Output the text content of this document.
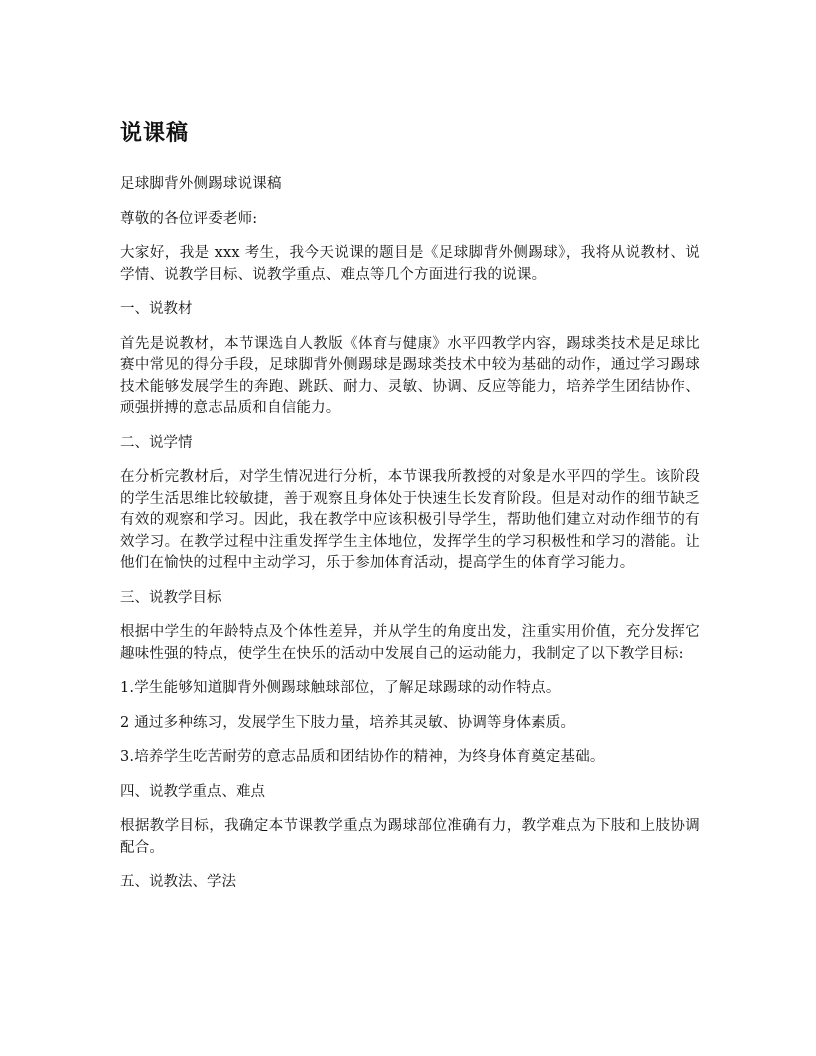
说课稿

足球脚背外侧踢球说课稿

尊敬的各位评委老师:

大家好，我是 xxx 考生，我今天说课的题目是《足球脚背外侧踢球》，我将从说教材、说学情、说教学目标、说教学重点、难点等几个方面进行我的说课。

一、说教材

首先是说教材，本节课选自人教版《体育与健康》水平四教学内容，踢球类技术是足球比赛中常见的得分手段，足球脚背外侧踢球是踢球类技术中较为基础的动作，通过学习踢球技术能够发展学生的奔跑、跳跃、耐力、灵敏、协调、反应等能力，培养学生团结协作、顽强拼搏的意志品质和自信能力。

二、说学情

在分析完教材后，对学生情况进行分析，本节课我所教授的对象是水平四的学生。该阶段的学生活思维比较敏捷，善于观察且身体处于快速生长发育阶段。但是对动作的细节缺乏有效的观察和学习。因此，我在教学中应该积极引导学生，帮助他们建立对动作细节的有效学习。在教学过程中注重发挥学生主体地位，发挥学生的学习积极性和学习的潜能。让他们在愉快的过程中主动学习，乐于参加体育活动，提高学生的体育学习能力。

三、说教学目标

根据中学生的年龄特点及个体性差异，并从学生的角度出发，注重实用价值，充分发挥它趣味性强的特点，使学生在快乐的活动中发展自己的运动能力，我制定了以下教学目标:

1.学生能够知道脚背外侧踢球触球部位，了解足球踢球的动作特点。

2 通过多种练习，发展学生下肢力量，培养其灵敏、协调等身体素质。

3.培养学生吃苦耐劳的意志品质和团结协作的精神，为终身体育奠定基础。

四、说教学重点、难点

根据教学目标，我确定本节课教学重点为踢球部位准确有力，教学难点为下肢和上肢协调配合。

五、说教法、学法
